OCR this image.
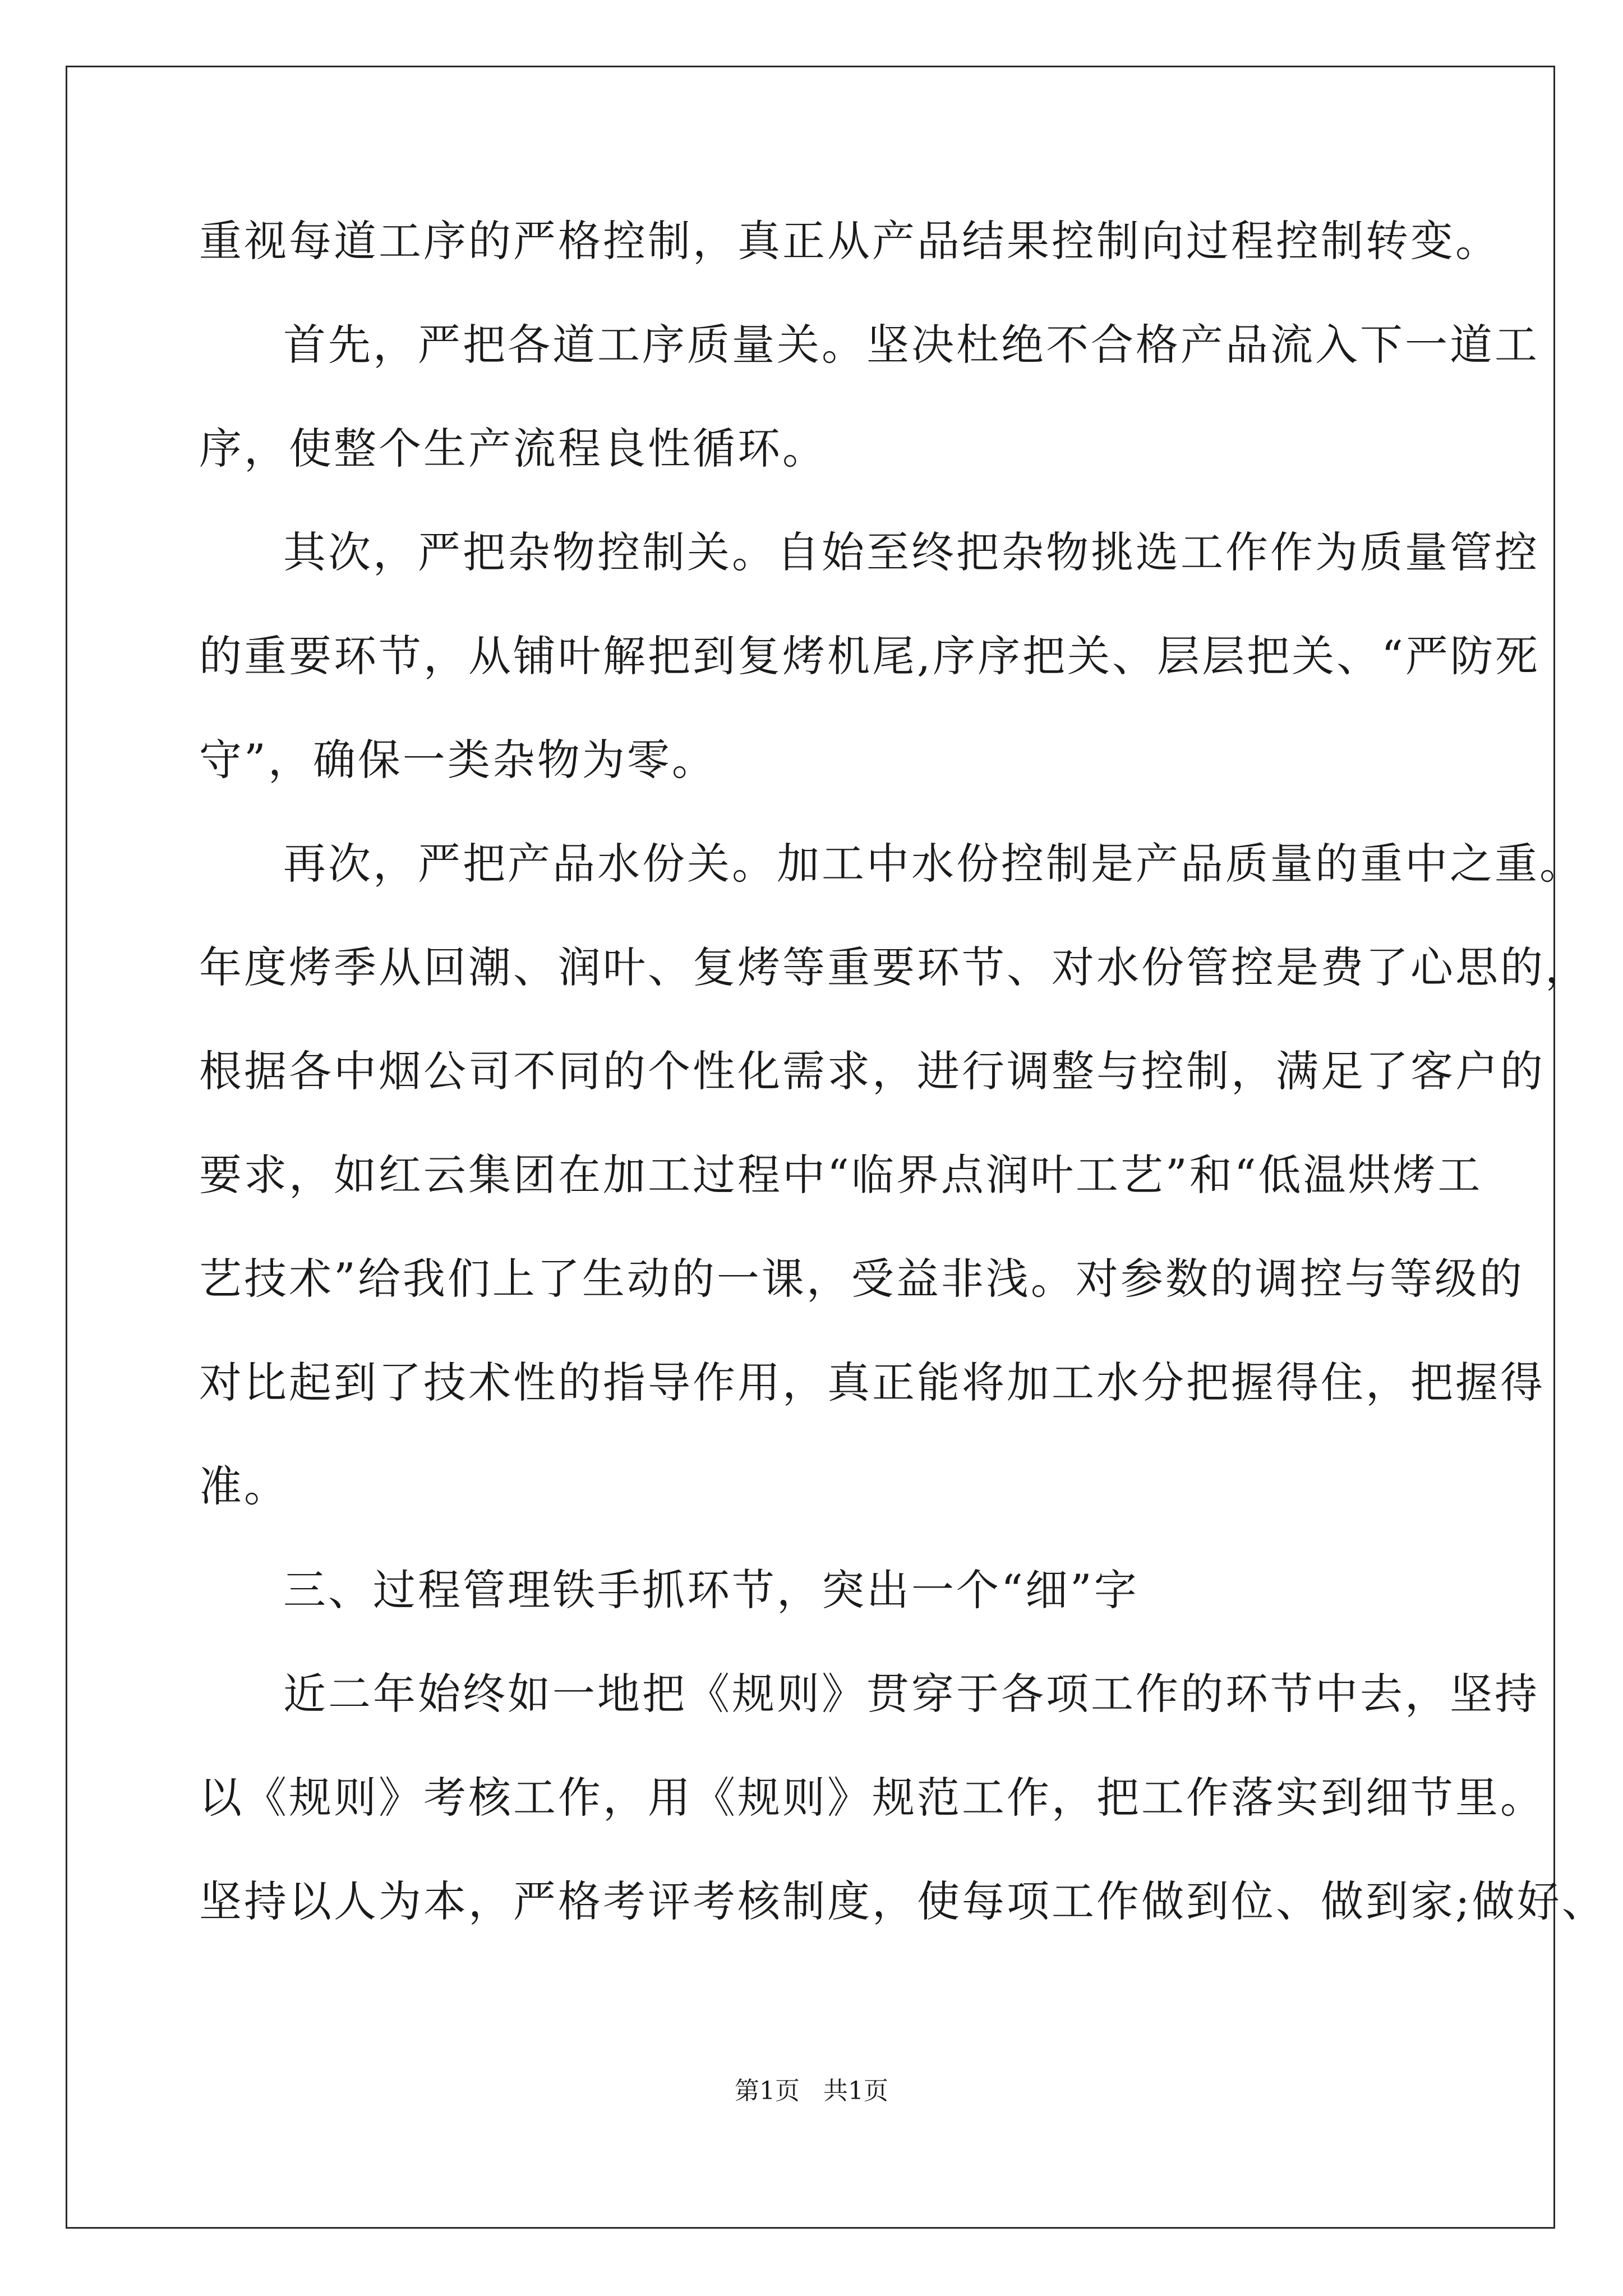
重视每道工序的严格控制，真正从产品结果控制向过程控制转变。
首先，严把各道工序质量关。坚决杜绝不合格产品流入下一道工
序，使整个生产流程良性循环。
其次，严把杂物控制关。自始至终把杂物挑选工作作为质量管控
的重要环节，从铺叶解把到复烤机尾,序序把关、层层把关、“严防死
守”，确保一类杂物为零。
再次，严把产品水份关。加工中水份控制是产品质量的重中之重。
年度烤季从回潮、润叶、复烤等重要环节、对水份管控是费了心思的，
根据各中烟公司不同的个性化需求，进行调整与控制，满足了客户的
要求，如红云集团在加工过程中“临界点润叶工艺”和“低温烘烤工
艺技术”给我们上了生动的一课，受益非浅。对参数的调控与等级的
对比起到了技术性的指导作用，真正能将加工水分把握得住，把握得
准。
三、过程管理铁手抓环节，突出一个“细”字
近二年始终如一地把《规则》贯穿于各项工作的环节中去，坚持
以《规则》考核工作，用《规则》规范工作，把工作落实到细节里。
坚持以人为本，严格考评考核制度，使每项工作做到位、做到家;做好、
第1页   共1页
